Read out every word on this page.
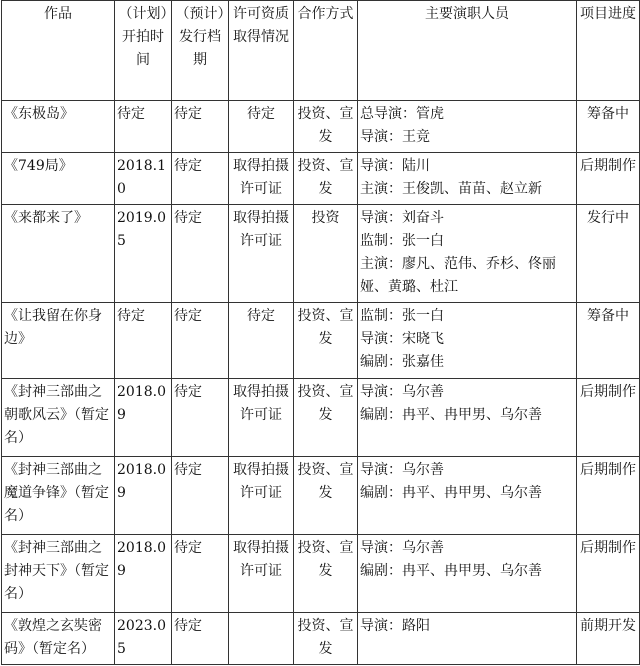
作品	（计划）开拍时间	（预计）发行档期	许可资质取得情况	合作方式	主要演职人员	项目进度
《东极岛》	待定	待定	待定	投资、宣发	总导演：管虎
导演：王竞	筹备中
《749局》	2018.10	待定	取得拍摄许可证	投资、宣发	导演：陆川
主演：王俊凯、苗苗、赵立新	后期制作
《来都来了》	2019.05	待定	取得拍摄许可证	投资	导演：刘奋斗
监制：张一白
主演：廖凡、范伟、乔杉、佟丽娅、黄璐、杜江	发行中
《让我留在你身边》	待定	待定	待定	投资、宣发	监制：张一白
导演：宋晓飞
编剧：张嘉佳	筹备中
《封神三部曲之朝歌风云》（暂定名）	2018.09	待定	取得拍摄许可证	投资、宣发	导演：乌尔善
编剧：冉平、冉甲男、乌尔善	后期制作
《封神三部曲之魔道争锋》（暂定名）	2018.09	待定	取得拍摄许可证	投资、宣发	导演：乌尔善
编剧：冉平、冉甲男、乌尔善	后期制作
《封神三部曲之封神天下》（暂定名）	2018.09	待定	取得拍摄许可证	投资、宣发	导演：乌尔善
编剧：冉平、冉甲男、乌尔善	后期制作
《敦煌之玄奘密码》（暂定名）	2023.05	待定		投资、宣发	导演：路阳	前期开发
